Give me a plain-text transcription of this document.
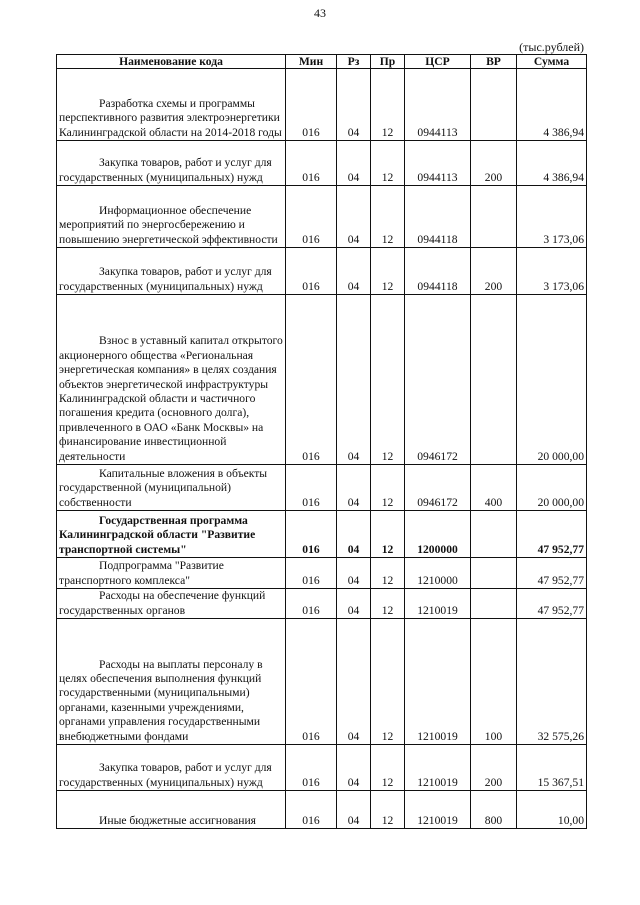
43
(тыс.рублей)
Наименование кода	Мин	Рз	Пр	ЦСР	ВР	Сумма

Разработка схемы и программы перспективного развития электроэнергетики Калининградской области на 2014-2018 годы	016	04	12	0944113		4 386,94

Закупка товаров, работ и услуг для государственных (муниципальных) нужд	016	04	12	0944113	200	4 386,94

Информационное обеспечение мероприятий по энергосбережению и повышению энергетической эффективности	016	04	12	0944118		3 173,06

Закупка товаров, работ и услуг для государственных (муниципальных) нужд	016	04	12	0944118	200	3 173,06

Взнос в уставный капитал открытого акционерного общества «Региональная энергетическая компания» в целях создания объектов энергетической инфраструктуры Калининградской области и частичного погашения кредита (основного долга), привлеченного в ОАО «Банк Москвы» на финансирование инвестиционной деятельности	016	04	12	0946172		20 000,00

Капитальные вложения в объекты государственной (муниципальной) собственности	016	04	12	0946172	400	20 000,00

Государственная программа Калининградской области "Развитие транспортной системы"	016	04	12	1200000		47 952,77

Подпрограмма "Развитие транспортного комплекса"	016	04	12	1210000		47 952,77

Расходы на обеспечение функций государственных органов	016	04	12	1210019		47 952,77

Расходы на выплаты персоналу в целях обеспечения выполнения функций государственными (муниципальными) органами, казенными учреждениями, органами управления государственными внебюджетными фондами	016	04	12	1210019	100	32 575,26

Закупка товаров, работ и услуг для государственных (муниципальных) нужд	016	04	12	1210019	200	15 367,51

Иные бюджетные ассигнования	016	04	12	1210019	800	10,00
